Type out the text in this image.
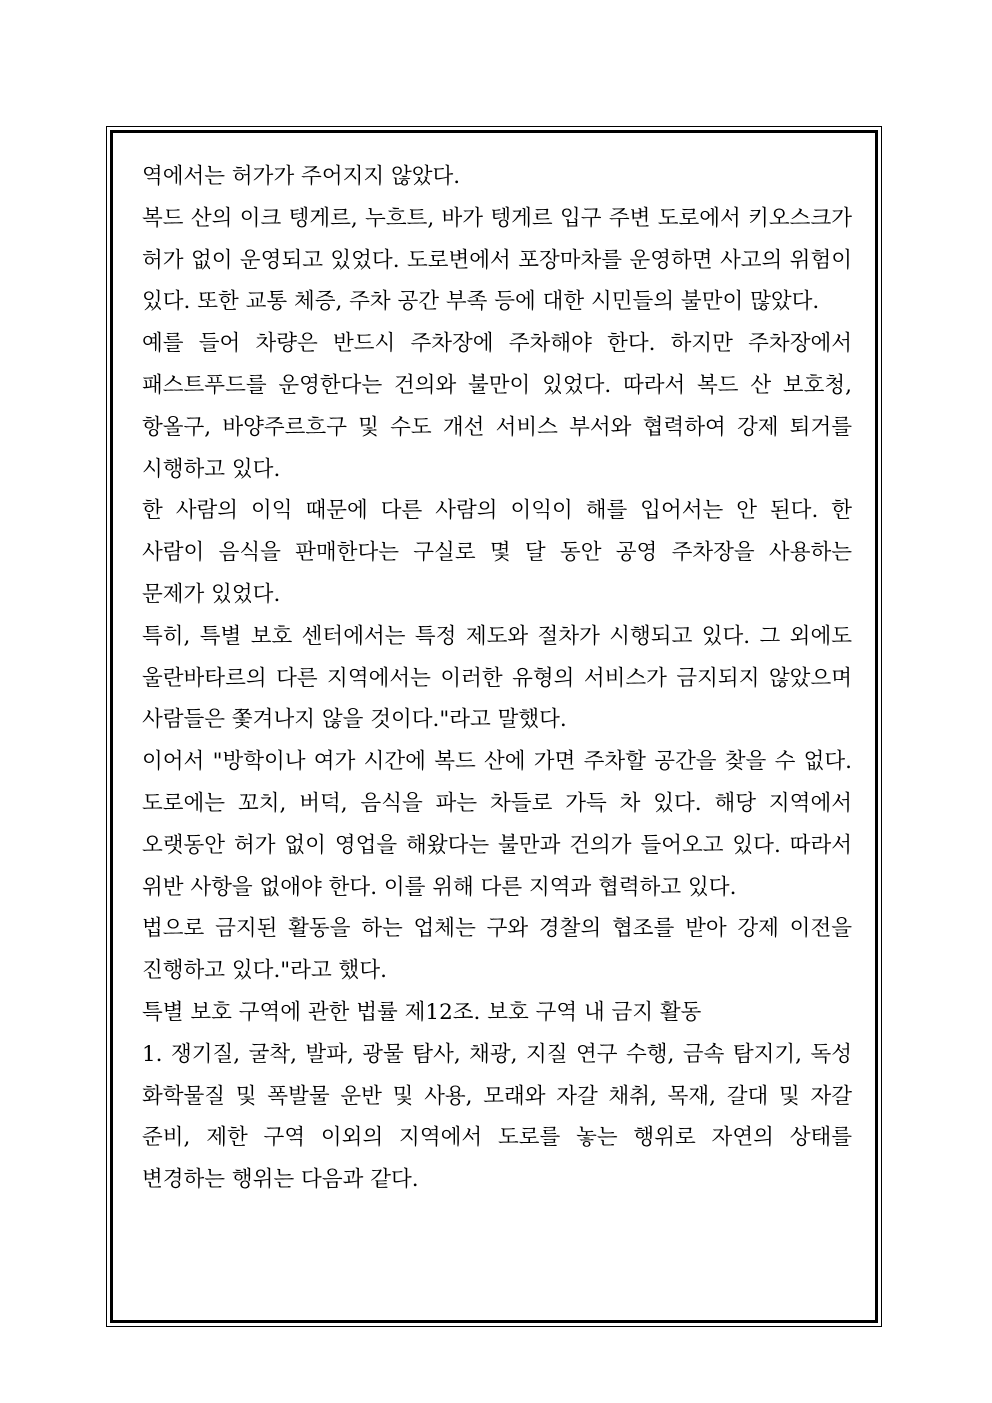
역에서는 허가가 주어지지 않았다.

복드 산의 이크 텡게르, 누흐트, 바가 텡게르 입구 주변 도로에서 키오스크가 허가 없이 운영되고 있었다. 도로변에서 포장마차를 운영하면 사고의 위험이 있다. 또한 교통 체증, 주차 공간 부족 등에 대한 시민들의 불만이 많았다.

예를 들어 차량은 반드시 주차장에 주차해야 한다. 하지만 주차장에서 패스트푸드를 운영한다는 건의와 불만이 있었다. 따라서 복드 산 보호청, 항올구, 바양주르흐구 및 수도 개선 서비스 부서와 협력하여 강제 퇴거를 시행하고 있다.

한 사람의 이익 때문에 다른 사람의 이익이 해를 입어서는 안 된다. 한 사람이 음식을 판매한다는 구실로 몇 달 동안 공영 주차장을 사용하는 문제가 있었다.

특히, 특별 보호 센터에서는 특정 제도와 절차가 시행되고 있다. 그 외에도 울란바타르의 다른 지역에서는 이러한 유형의 서비스가 금지되지 않았으며 사람들은 쫓겨나지 않을 것이다."라고 말했다.

이어서 "방학이나 여가 시간에 복드 산에 가면 주차할 공간을 찾을 수 없다. 도로에는 꼬치, 버덕, 음식을 파는 차들로 가득 차 있다. 해당 지역에서 오랫동안 허가 없이 영업을 해왔다는 불만과 건의가 들어오고 있다. 따라서 위반 사항을 없애야 한다. 이를 위해 다른 지역과 협력하고 있다.

법으로 금지된 활동을 하는 업체는 구와 경찰의 협조를 받아 강제 이전을 진행하고 있다."라고 했다.

특별 보호 구역에 관한 법률 제12조. 보호 구역 내 금지 활동

1. 쟁기질, 굴착, 발파, 광물 탐사, 채광, 지질 연구 수행, 금속 탐지기, 독성 화학물질 및 폭발물 운반 및 사용, 모래와 자갈 채취, 목재, 갈대 및 자갈 준비, 제한 구역 이외의 지역에서 도로를 놓는 행위로 자연의 상태를 변경하는 행위는 다음과 같다.
